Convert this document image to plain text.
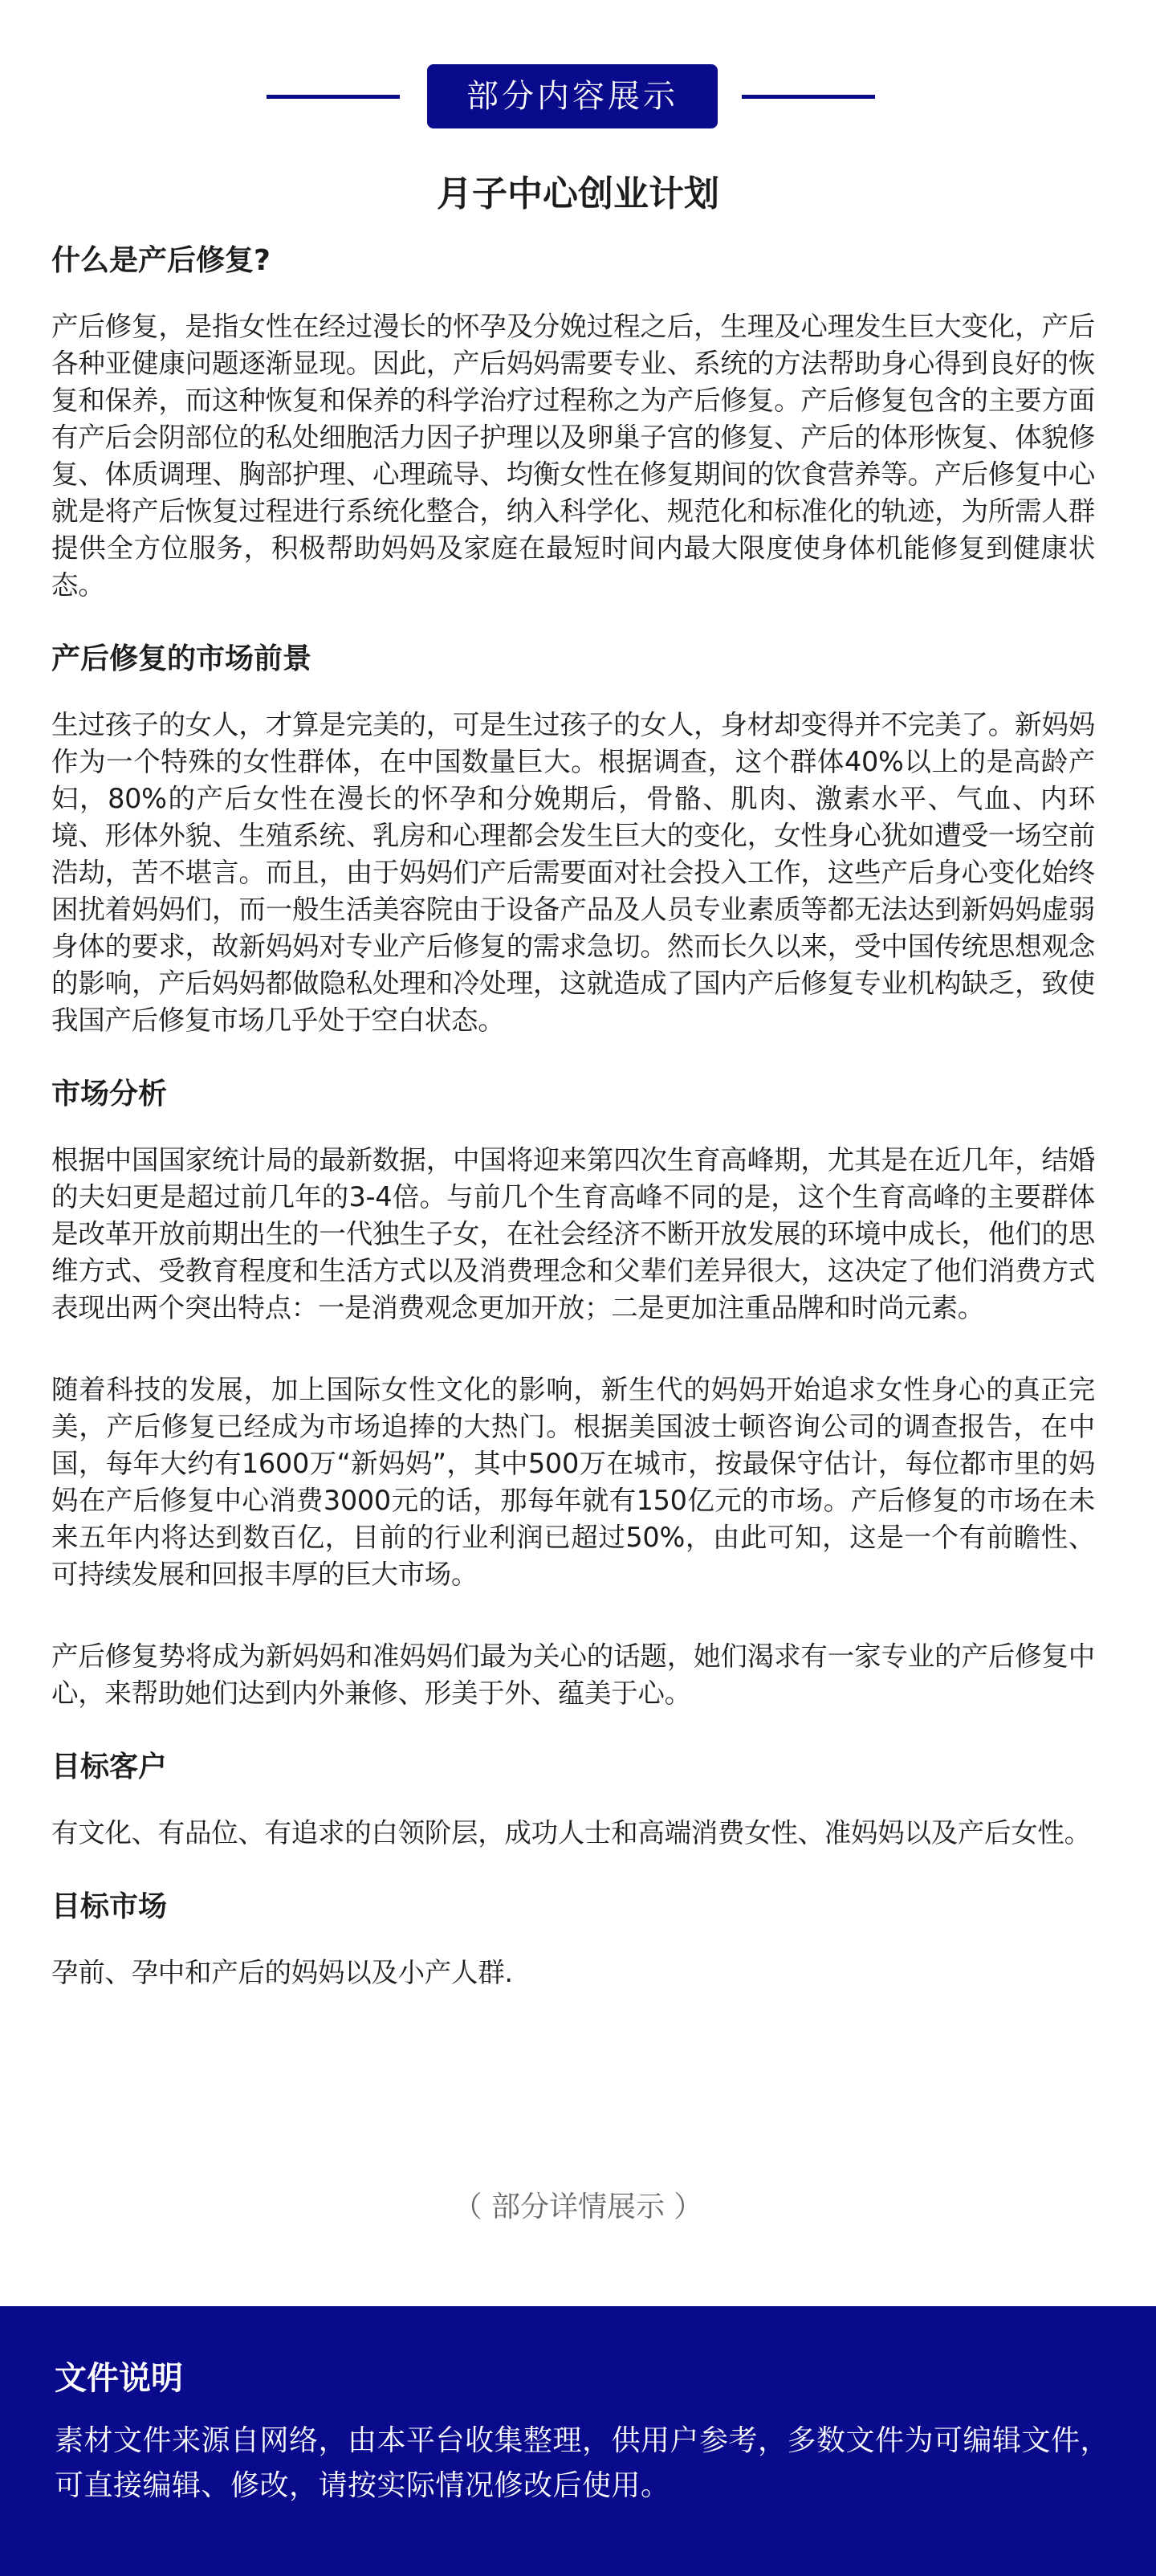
部分内容展示
月子中心创业计划
什么是产后修复?

产后修复，是指女性在经过漫长的怀孕及分娩过程之后，生理及心理发生巨大变化，产后各种亚健康问题逐渐显现。因此，产后妈妈需要专业、系统的方法帮助身心得到良好的恢复和保养，而这种恢复和保养的科学治疗过程称之为产后修复。产后修复包含的主要方面有产后会阴部位的私处细胞活力因子护理以及卵巢子宫的修复、产后的体形恢复、体貌修复、体质调理、胸部护理、心理疏导、均衡女性在修复期间的饮食营养等。产后修复中心就是将产后恢复过程进行系统化整合，纳入科学化、规范化和标准化的轨迹，为所需人群提供全方位服务，积极帮助妈妈及家庭在最短时间内最大限度使身体机能修复到健康状态。

产后修复的市场前景

生过孩子的女人，才算是完美的，可是生过孩子的女人，身材却变得并不完美了。新妈妈作为一个特殊的女性群体，在中国数量巨大。根据调查，这个群体40%以上的是高龄产妇，80%的产后女性在漫长的怀孕和分娩期后，骨骼、肌肉、激素水平、气血、内环境、形体外貌、生殖系统、乳房和心理都会发生巨大的变化，女性身心犹如遭受一场空前浩劫，苦不堪言。而且，由于妈妈们产后需要面对社会投入工作，这些产后身心变化始终困扰着妈妈们，而一般生活美容院由于设备产品及人员专业素质等都无法达到新妈妈虚弱身体的要求，故新妈妈对专业产后修复的需求急切。然而长久以来，受中国传统思想观念的影响，产后妈妈都做隐私处理和冷处理，这就造成了国内产后修复专业机构缺乏，致使我国产后修复市场几乎处于空白状态。

市场分析

根据中国国家统计局的最新数据，中国将迎来第四次生育高峰期，尤其是在近几年，结婚的夫妇更是超过前几年的3-4倍。与前几个生育高峰不同的是，这个生育高峰的主要群体是改革开放前期出生的一代独生子女，在社会经济不断开放发展的环境中成长，他们的思维方式、受教育程度和生活方式以及消费理念和父辈们差异很大，这决定了他们消费方式表现出两个突出特点：一是消费观念更加开放；二是更加注重品牌和时尚元素。

随着科技的发展，加上国际女性文化的影响，新生代的妈妈开始追求女性身心的真正完美，产后修复已经成为市场追捧的大热门。根据美国波士顿咨询公司的调查报告，在中国，每年大约有1600万“新妈妈”，其中500万在城市，按最保守估计，每位都市里的妈妈在产后修复中心消费3000元的话，那每年就有150亿元的市场。产后修复的市场在未来五年内将达到数百亿，目前的行业利润已超过50%，由此可知，这是一个有前瞻性、可持续发展和回报丰厚的巨大市场。

产后修复势将成为新妈妈和准妈妈们最为关心的话题，她们渴求有一家专业的产后修复中心，来帮助她们达到内外兼修、形美于外、蕴美于心。

目标客户

有文化、有品位、有追求的白领阶层，成功人士和高端消费女性、准妈妈以及产后女性。

目标市场

孕前、孕中和产后的妈妈以及小产人群.

（ 部分详情展示 ）
文件说明
素材文件来源自网络，由本平台收集整理，供用户参考，多数文件为可编辑文件，可直接编辑、修改，请按实际情况修改后使用。
